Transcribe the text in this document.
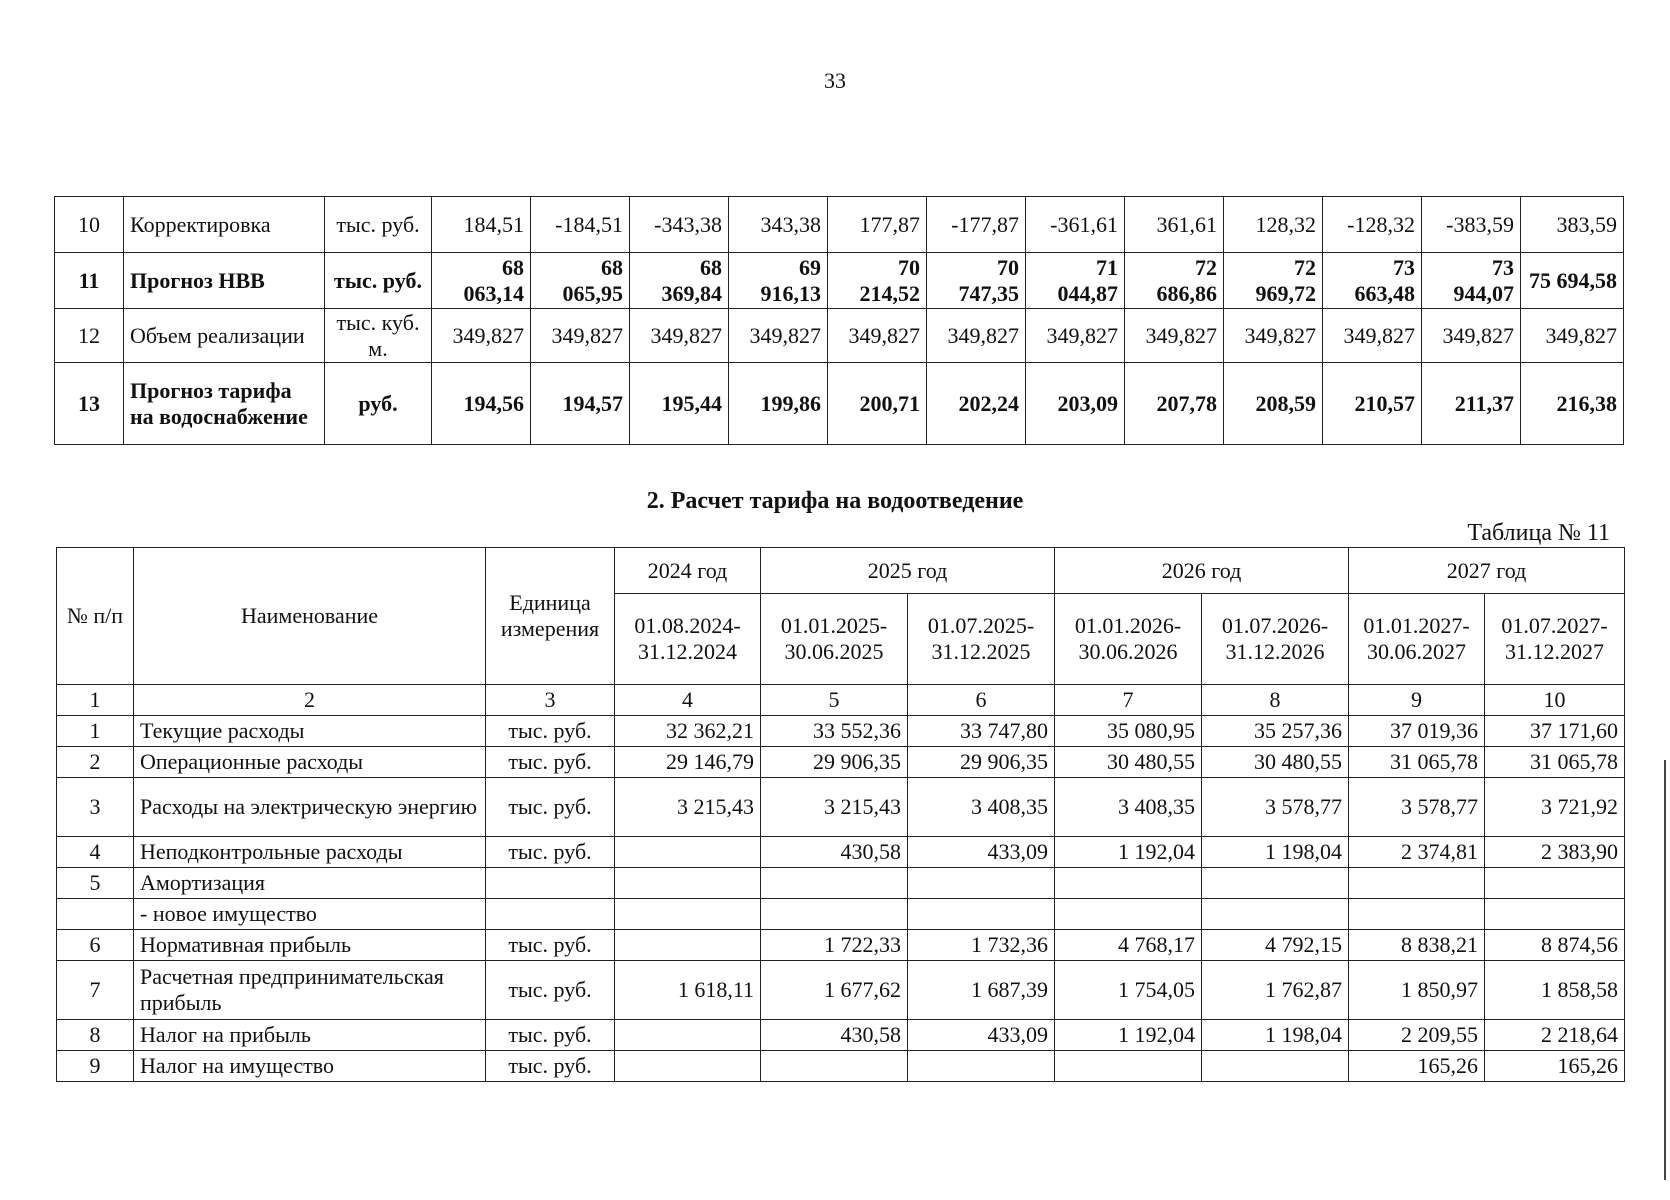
33
10	Корректировка	тыс. руб.	184,51	-184,51	-343,38	343,38	177,87	-177,87	-361,61	361,61	128,32	-128,32	-383,59	383,59
11	Прогноз НВВ	тыс. руб.	68 063,14	68 065,95	68 369,84	69 916,13	70 214,52	70 747,35	71 044,87	72 686,86	72 969,72	73 663,48	73 944,07	75 694,58
12	Объем реализации	тыс. куб. м.	349,827	349,827	349,827	349,827	349,827	349,827	349,827	349,827	349,827	349,827	349,827	349,827
13	Прогноз тарифа на водоснабжение	руб.	194,56	194,57	195,44	199,86	200,71	202,24	203,09	207,78	208,59	210,57	211,37	216,38
2. Расчет тарифа на водоотведение
Таблица № 11
№ п/п	Наименование	Единица измерения	2024 год	2025 год		2026 год		2027 год	
			01.08.2024-31.12.2024	01.01.2025-30.06.2025	01.07.2025-31.12.2025	01.01.2026-30.06.2026	01.07.2026-31.12.2026	01.01.2027-30.06.2027	01.07.2027-31.12.2027
1	2	3	4	5	6	7	8	9	10
1	Текущие расходы	тыс. руб.	32 362,21	33 552,36	33 747,80	35 080,95	35 257,36	37 019,36	37 171,60
2	Операционные расходы	тыс. руб.	29 146,79	29 906,35	29 906,35	30 480,55	30 480,55	31 065,78	31 065,78
3	Расходы на электрическую энергию	тыс. руб.	3 215,43	3 215,43	3 408,35	3 408,35	3 578,77	3 578,77	3 721,92
4	Неподконтрольные расходы	тыс. руб.		430,58	433,09	1 192,04	1 198,04	2 374,81	2 383,90
5	Амортизация								
	- новое имущество								
6	Нормативная прибыль	тыс. руб.		1 722,33	1 732,36	4 768,17	4 792,15	8 838,21	8 874,56
7	Расчетная предпринимательская прибыль	тыс. руб.	1 618,11	1 677,62	1 687,39	1 754,05	1 762,87	1 850,97	1 858,58
8	Налог на прибыль	тыс. руб.		430,58	433,09	1 192,04	1 198,04	2 209,55	2 218,64
9	Налог на имущество	тыс. руб.						165,26	165,26
